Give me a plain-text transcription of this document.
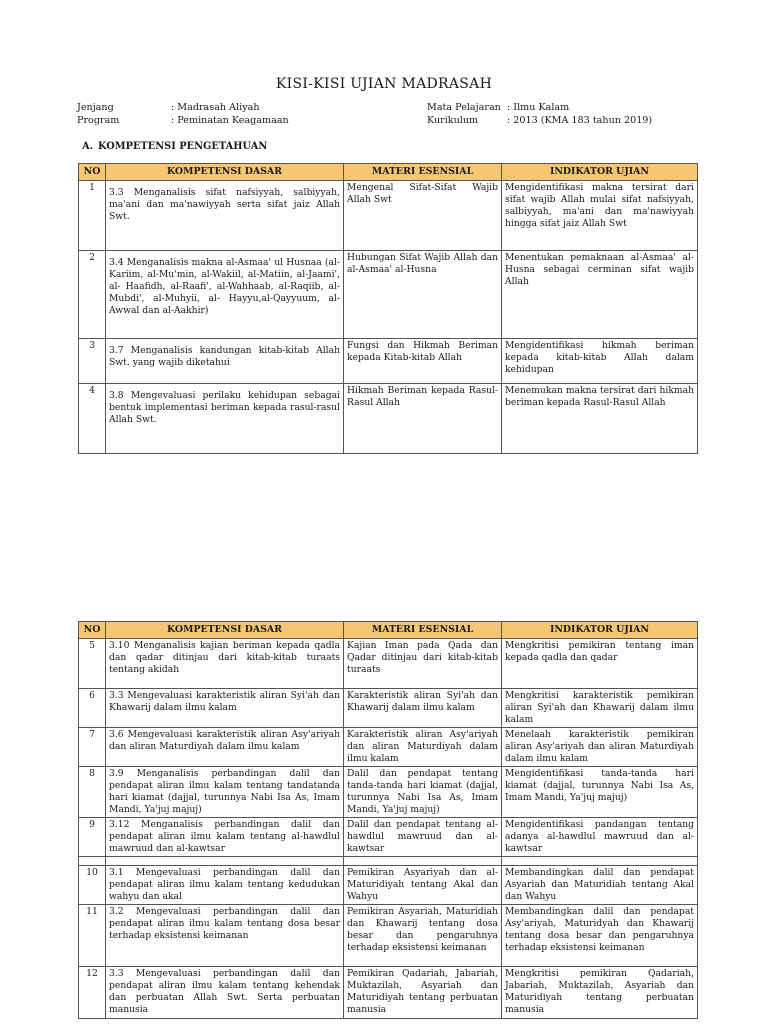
KISI-KISI UJIAN MADRASAH
Jenjang	: Madrasah Aliyah
Program	: Peminatan Keagamaan
Mata Pelajaran : Ilmu Kalam
Kurikulum	: 2013 (KMA 183 tahun 2019)
A. KOMPETENSI PENGETAHUAN
NO	KOMPETENSI DASAR	MATERI ESENSIAL	INDIKATOR UJIAN
1	3.3 Menganalisis sifat nafsiyyah, salbiyyah, ma'ani dan ma'nawiyyah serta sifat jaiz Allah Swt.	Mengenal Sifat-Sifat Wajib Allah Swt	Mengidentifikasi makna tersirat dari sifat wajib Allah mulai sifat nafsiyyah, salbiyyah, ma'ani dan ma'nawiyyah hingga sifat jaiz Allah Swt
2	3.4 Menganalisis makna al-Asmaa' ul Husnaa (al-Kariim, al-Mu'min, al-Wakiil, al-Matiin, al-Jaami', al- Haafidh, al-Raafi', al-Wahhaab, al-Raqiib, al- Mubdi', al-Muhyii, al- Hayyu,al-Qayyuum, al- Awwal dan al-Aakhir)	Hubungan Sifat Wajib Allah dan al-Asmaa' al-Husna	Menentukan pemaknaan al-Asmaa' al-Husna sebagai cerminan sifat wajib Allah
3	3.7 Menganalisis kandungan kitab-kitab Allah Swt. yang wajib diketahui	Fungsi dan Hikmah Beriman kepada Kitab-kitab Allah	Mengidentifikasi hikmah beriman kepada kitab-kitab Allah dalam kehidupan
4	3.8 Mengevaluasi perilaku kehidupan sebagai bentuk implementasi beriman kepada rasul-rasul Allah Swt.	Hikmah Beriman kepada Rasul-Rasul Allah	Menemukan makna tersirat dari hikmah beriman kepada Rasul-Rasul Allah
NO	KOMPETENSI DASAR	MATERI ESENSIAL	INDIKATOR UJIAN
5	3.10 Menganalisis kajian beriman kepada qadla dan qadar ditinjau dari kitab-kitab turaats tentang akidah	Kajian Iman pada Qada dan Qadar ditinjau dari kitab-kitab turaats	Mengkritisi pemikiran tentang iman kepada qadla dan qadar
6	3.3 Mengevaluasi karakteristik aliran Syi'ah dan Khawarij dalam ilmu kalam	Karakteristik aliran Syi'ah dan Khawarij dalam ilmu kalam	Mengkritisi karakteristik pemikiran aliran Syi'ah dan Khawarij dalam ilmu kalam
7	3.6 Mengevaluasi karakteristik aliran Asy'ariyah dan aliran Maturdiyah dalam ilmu kalam	Karakteristik aliran Asy'ariyah dan aliran Maturdiyah dalam ilmu kalam	Menelaah karakteristik pemikiran aliran Asy'ariyah dan aliran Maturdiyah dalam ilmu kalam
8	3.9 Menganalisis perbandingan dalil dan pendapat aliran ilmu kalam tentang tandatanda hari kiamat (dajjal, turunnya Nabi Isa As, Imam Mandi, Ya'juj majuj)	Dalil dan pendapat tentang tanda-tanda hari kiamat (dajjal, turunnya Nabi Isa As, Imam Mandi, Ya'juj majuj)	Mengidentifikasi tanda-tanda hari kiamat (dajjal, turunnya Nabi Isa As, Imam Mandi, Ya'juj majuj)
9	3.12 Menganalisis perbandingan dalil dan pendapat aliran ilmu kalam tentang al-hawdlul mawruud dan al-kawtsar	Dalil dan pendapat tentang al-hawdlul mawruud dan al-kawtsar	Mengidentifikasi pandangan tentang adanya al-hawdlul mawruud dan al-kawtsar

10	3.1 Mengevaluasi perbandingan dalil dan pendapat aliran ilmu kalam tentang kedudukan wahyu dan akal	Pemikiran Asyariyah dan al-Maturidiyah tentang Akal dan Wahyu	Membandingkan dalil dan pendapat Asyariah dan Maturidiah tentang Akal dan Wahyu
11	3.2 Mengevaluasi perbandingan dalil dan pendapat aliran ilmu kalam tentang dosa besar terhadap eksistensi keimanan	Pemikiran Asyariah, Maturidiah dan Khawarij tentang dosa besar dan pengaruhnya terhadap eksistensi keimanan	Membandingkan dalil dan pendapat Asy'ariyah, Maturidyah dan Khawarij tentang dosa besar dan pengaruhnya terhadap eksistensi keimanan
12	3.3 Mengevaluasi perbandingan dalil dan pendapat aliran ilmu kalam tentang kehendak dan perbuatan Allah Swt. Serta perbuatan manusia	Pemikiran Qadariah, Jabariah, Muktazilah, Asyariah dan Maturidiyah tentang perbuatan manusia	Mengkritisi pemikiran Qadariah, Jabariah, Muktazilah, Asyariah dan Maturidiyah tentang perbuatan manusia
